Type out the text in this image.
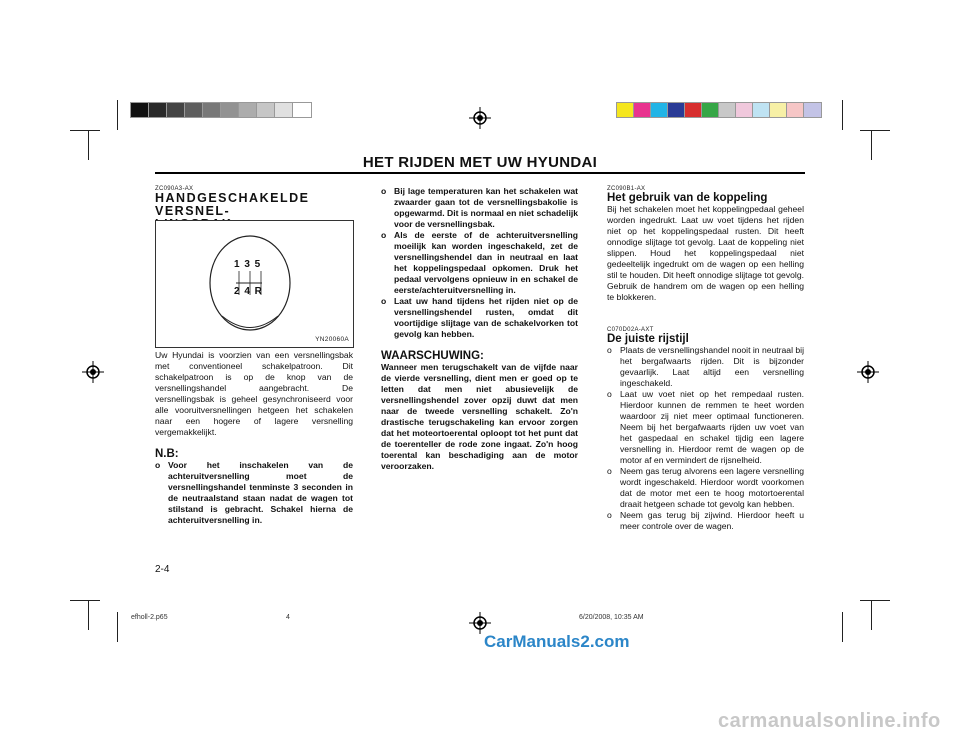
HET RIJDEN MET UW HYUNDAI
ZC090A3-AX
HANDGESCHAKELDE VERSNEL-
1 3 5
2 4 R
YN20060A
Uw Hyundai is voorzien van een versnellingsbak met conventioneel schakelpatroon. Dit schakelpatroon is op de knop van de versnellingshandel aangebracht. De versnellingsbak is geheel gesynchroniseerd voor alle vooruitversnellingen hetgeen het schakelen naar een hogere of lagere versnelling vergemakkelijkt.
N.B:
o Voor het inschakelen van de achteruitversnelling moet de versnellingshandel tenminste 3 seconden in de neutraalstand staan nadat de wagen tot stilstand is gebracht. Schakel hierna de achteruitversnelling in.
o Bij lage temperaturen kan het schakelen wat zwaarder gaan tot de versnellingsbakolie is opgewarmd. Dit is normaal en niet schadelijk voor de versnellingsbak.
o Als de eerste of de achteruitversnelling moeilijk kan worden ingeschakeld, zet de versnellingshendel dan in neutraal en laat het koppelingspedaal opkomen. Druk het pedaal vervolgens opnieuw in en schakel de eerste/achteruitversnelling in.
o Laat uw hand tijdens het rijden niet op de versnellingshendel rusten, omdat dit voortijdige slijtage van de schakelvorken tot gevolg kan hebben.
WAARSCHUWING:
Wanneer men terugschakelt van de vijfde naar de vierde versnelling, dient men er goed op te letten dat men niet abusievelijk de versnellingshendel zover opzij duwt dat men naar de tweede versnelling schakelt. Zo'n drastische terugschakeling kan ervoor zorgen dat het moteortoerental oploopt tot het punt dat de toerenteller de rode zone ingaat. Zo'n hoog toerental kan beschadiging aan de motor veroorzaken.
ZC090B1-AX
Het gebruik van de koppeling
Bij het schakelen moet het koppelingpedaal geheel worden ingedrukt. Laat uw voet tijdens het rijden niet op het koppelingspedaal rusten. Dit heeft onnodige slijtage tot gevolg. Laat de koppeling niet slippen. Houd het koppelingspedaal niet gedeeltelijk ingedrukt om de wagen op een helling stil te houden. Dit heeft onnodige slijtage tot gevolg. Gebruik de handrem om de wagen op een helling te blokkeren.
C070D02A-AXT
De juiste rijstijl
o Plaats de versnellingshandel nooit in neutraal bij het bergafwaarts rijden. Dit is bijzonder gevaarlijk. Laat altijd een versnelling ingeschakeld.
o Laat uw voet niet op het rempedaal rusten. Hierdoor kunnen de remmen te heet worden waardoor zij niet meer optimaal functioneren. Neem bij het bergafwaarts rijden uw voet van het gaspedaal en schakel tijdig een lagere versnelling in. Hierdoor remt de wagen op de motor af en vermindert de rijsnelheid.
o Neem gas terug alvorens een lagere versnelling wordt ingeschakeld. Hierdoor wordt voorkomen dat de motor met een te hoog motortoerental draait hetgeen schade tot gevolg kan hebben.
o Neem gas terug bij zijwind. Hierdoor heeft u meer controle over de wagen.
2-4
efholl-2.p65	4	6/20/2008, 10:35 AM
CarManuals2.com
carmanualsonline.info
